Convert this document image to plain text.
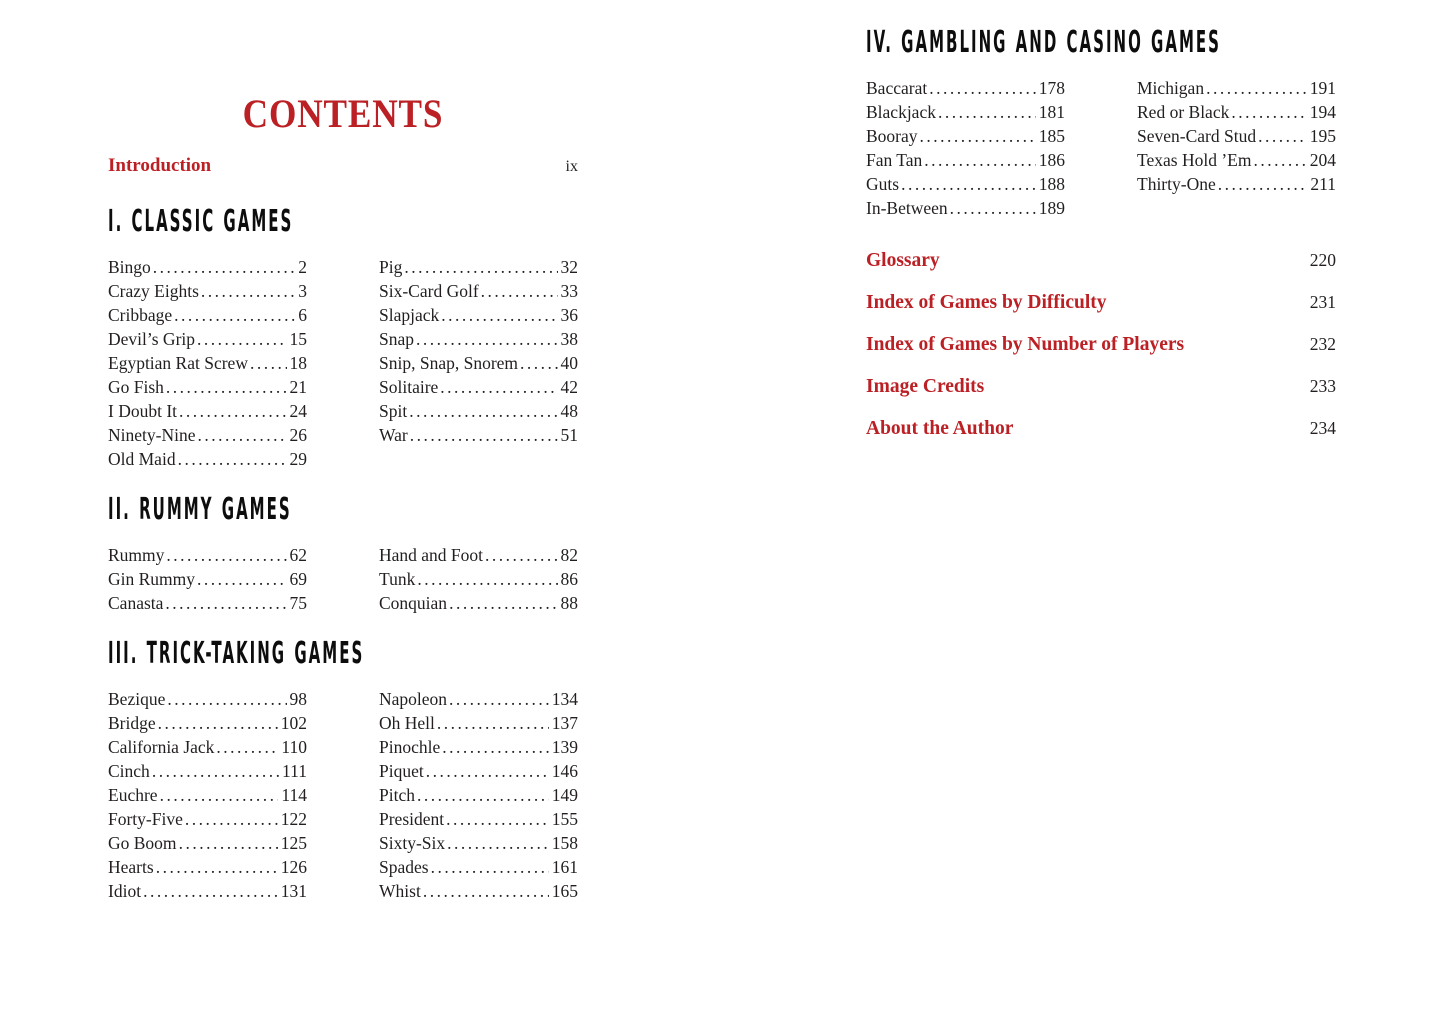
CONTENTS
Introduction	ix
I. CLASSIC GAMES
Bingo .....	2
Crazy Eights .....	3
Cribbage .....	6
Devil’s Grip .....	15
Egyptian Rat Screw ..... 18
Go Fish .....	21
I Doubt It .....	24
Ninety-Nine .....	26
Old Maid .....	29
Pig .....	32
Six-Card Golf .....	33
Slapjack .....	36
Snap .....	38
Snip, Snap, Snorem ..... 40
Solitaire .....	42
Spit .....	48
War .....	51
II. RUMMY GAMES
Rummy .....	62
Gin Rummy .....	69
Canasta .....	75
Hand and Foot .....	82
Tunk .....	86
Conquian .....	88
III. TRICK-TAKING GAMES
Bezique .....	98
Bridge .....	102
California Jack .....	110
Cinch .....	111
Euchre .....	114
Forty-Five .....	122
Go Boom .....	125
Hearts .....	126
Idiot .....	131
Napoleon .....	134
Oh Hell .....	137
Pinochle .....	139
Piquet .....	146
Pitch .....	149
President .....	155
Sixty-Six .....	158
Spades .....	161
Whist .....	165
IV. GAMBLING AND CASINO GAMES
Baccarat .....	178
Blackjack .....	181
Booray .....	185
Fan Tan .....	186
Guts .....	188
In-Between .....	189
Michigan .....	191
Red or Black .....	194
Seven-Card Stud .....	195
Texas Hold ’Em .....	204
Thirty-One .....	211
Glossary	220
Index of Games by Difficulty	231
Index of Games by Number of Players	232
Image Credits	233
About the Author	234
